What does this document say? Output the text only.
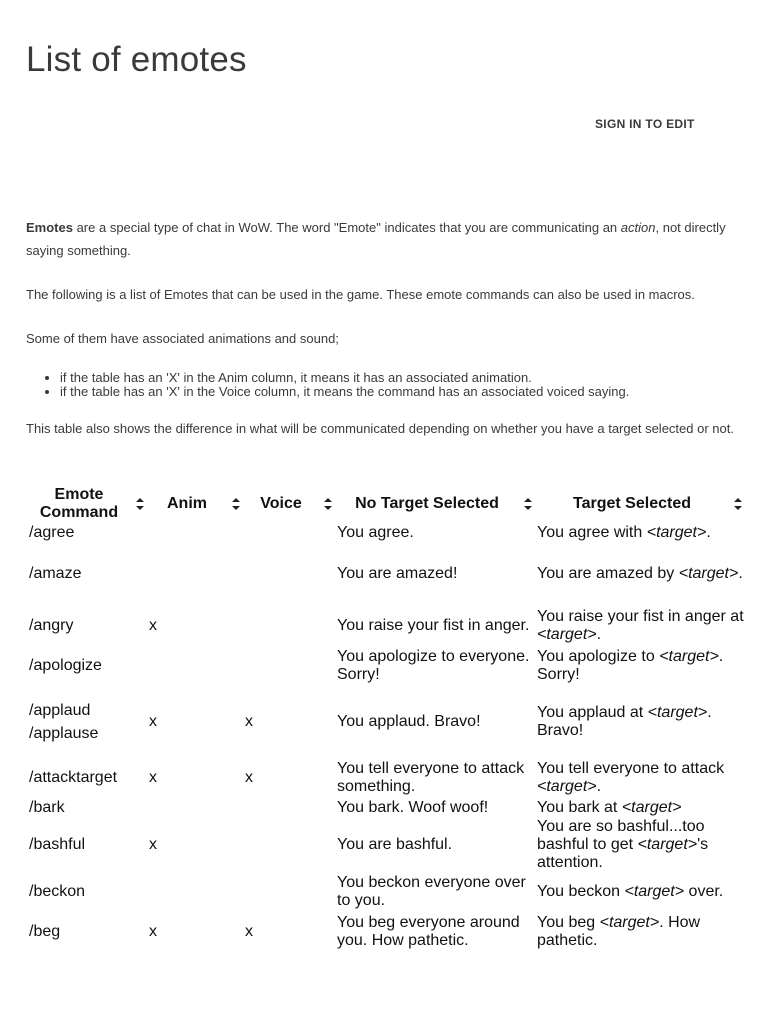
List of emotes
SIGN IN TO EDIT

Emotes are a special type of chat in WoW. The word "Emote" indicates that you are communicating an action, not directly saying something.

The following is a list of Emotes that can be used in the game. These emote commands can also be used in macros.

Some of them have associated animations and sound;

• if the table has an 'X' in the Anim column, it means it has an associated animation.
• if the table has an 'X' in the Voice column, it means the command has an associated voiced saying.

This table also shows the difference in what will be communicated depending on whether you have a target selected or not.

Emote Command	Anim	Voice	No Target Selected	Target Selected

/agree			You agree.	You agree with <target>.

/amaze			You are amazed!	You are amazed by <target>.

/angry	x		You raise your fist in anger.	You raise your fist in anger at <target>.

/apologize			You apologize to everyone. Sorry!	You apologize to <target>. Sorry!

/applaud
/applause	x	x	You applaud. Bravo!	You applaud at <target>. Bravo!

/attacktarget	x	x	You tell everyone to attack something.	You tell everyone to attack <target>.

/bark			You bark. Woof woof!	You bark at <target>

/bashful	x		You are bashful.	You are so bashful...too bashful to get <target>'s attention.

/beckon			You beckon everyone over to you.	You beckon <target> over.

/beg	x	x	You beg everyone around you. How pathetic.	You beg <target>. How pathetic.
